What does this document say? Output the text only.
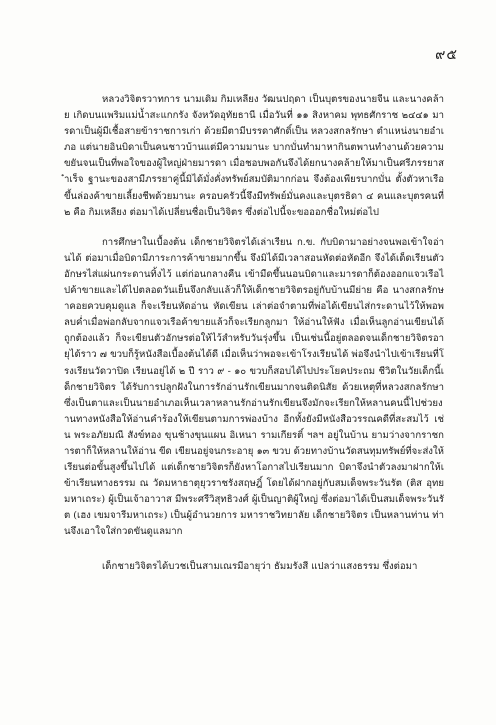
๙๕

หลวงวิจิตรวาทการ นามเดิม กิมเหลียง วัฒนปฤดา เป็นบุตรของนายจีน และนางคล้าย เกิดบนแพริมแม่น้ำสะแกกรัง จังหวัดอุทัยธานี เมื่อวันที่ ๑๑ สิงหาคม พุทธศักราช ๒๔๔๑ มารดาเป็นผู้มีเชื้อสายข้าราชการเก่า ด้วยมีตามีบรรดาศักดิ์เป็น หลวงสกลรักษา ตำแหน่งนายอำเภอ แต่นายอินบิดาเป็นคนชาวบ้านแต่มีความมานะ บากบั่นทำมาหากินตพานทำงานด้วยความขยันจนเป็นที่พอใจของผู้ใหญ่ฝ่ายมารดา เมื่อชอบพอกันจึงได้ยกนางคล้ายให้มาเป็นศรีภรรยาสำเร็จ ฐานะของสามีภรรยาคู่นี้มิได้มั่งคั่งทรัพย์สมบัติมากก่อน จึงต้องเพียรบากบั่น ตั้งตัวหาเรือขึ้นล่องค้าขายเลี้ยงชีพด้วยมานะ ครอบครัวนี้จึงมีทรัพย์มั่นคงและบุตรธิดา ๔ คนและบุตรคนที่ ๒ คือ กิมเหลียง ต่อมาได้เปลี่ยนชื่อเป็นวิจิตร ซึ่งต่อไปนี้จะขอออกชื่อใหม่ต่อไป

การศึกษาในเบื้องต้น เด็กชายวิจิตรได้เล่าเรียน ก.ข. กับบิดามาอย่างจนพอเข้าใจอ่านได้ ต่อมาเมื่อบิดามีภาระการค้าขายมากขึ้น จึงมิได้มีเวลาสอนหัดต่อหัดอีก จึงได้เด็ดเรียนตัวอักษรไส่แผ่นกระดานทิ้งไว้ แต่ก่อนกลางคืน เข้ามืดขึ้นนอนบิดาและมารดาก็ต้องออกแจวเรือไปค้าขายและได้ไปตลอดวันเย็นจึงกลับแล้วก็ให้เด็กชายวิจิตรอยู่กับบ้านมีย่าย คือ นางสกลรักษาคอยควบคุมดูแล ก็จะเรียนหัดอ่าน หัดเขียน เล่าต่อจำตามที่พ่อได้เขียนไส่กระดานไว้ให้พอพลบค่ำเมื่อพ่อกลับจากแจวเรือค้าขายแล้วก็จะเรียกลูกมา ให้อ่านให้ฟัง เมื่อเห็นลูกอ่านเขียนได้ถูกต้องแล้ว ก็จะเขียนตัวอักษรต่อให้ไว้สำหรับวันรุ่งขึ้น เป็นเช่นนี้อยู่ตลอดจนเด็กชายวิจิตรอายุได้ราว ๗ ขวบก็รู้หนังสือเบื้องต้นได้ดี เมื่อเห็นว่าพอจะเข้าโรงเรียนได้ พ่อจึงนำไปเข้าเรียนที่โรงเรียนวัดวาปิด เรียนอยู่ได้ ๒ ปี ราว ๙ - ๑๐ ขวบก็สอบได้ไปประโยคประถม ชีวิตในวัยเด็กนี้เด็กชายวิจิตร ได้รับการปลูกฝังในการรักอ่านรักเขียนมากจนติดนิสัย ด้วยเหตุที่หลวงสกลรักษา ซึ่งเป็นตาและเป็นนายอำเภอเห็นเวลาหลานรักอ่านรักเขียนจึงมักจะเรียกให้หลานคนนี้ไปช่วยงานทางหนังสือให้อ่านคำร้องให้เขียนตามการพ่องบ้าง อีกทั้งยังมีหนังสือวรรณคดีที่สะสมไว้ เช่น พระอภัยมณี สังข์ทอง ขุนช้างขุนแผน อิเหนา รามเกียรติ์ ฯลฯ อยู่ในบ้าน ยามว่างจากราชการตาก็ให้หลานให้อ่าน ขีด เขียนอยู่จนกระอายุ ๑๓ ขวบ ด้วยทางบ้านวัดสนทุมทรัพย์ที่จะส่งให้เรียนต่อขั้นสูงขึ้นไปได้ แต่เด็กชายวิจิตรก็ยังหาโอกาสไปเรียนมาก บิดาจึงนำตัวลงมาฝากให้เข้าเรียนทางธรรม ณ วัดมหาธาตุยุวราชรังสฤษฎิ์ โดยได้ฝากอยู่กับสมเด็จพระวันรัต (ติส อุทยมหาเถระ) ผู้เป็นเจ้าอาวาส มีพระศรีวิสุทธิวงศ์ ผู้เป็นญาติผู้ใหญ่ ซึ่งต่อมาได้เป็นสมเด็จพระวันรัต (เฮง เขมจารีมหาเถระ) เป็นผู้อำนวยการ มหาราชวิทยาลัย เด็กชายวิจิตร เป็นหลานท่าน ท่านจึงเอาใจใส่กวดขันดูแลมาก

เด็กชายวิจิตรได้บวชเป็นสามเณรมีอายุว่า ธัมมรังสี แปลว่าแสงธรรม ซึ่งต่อมา
